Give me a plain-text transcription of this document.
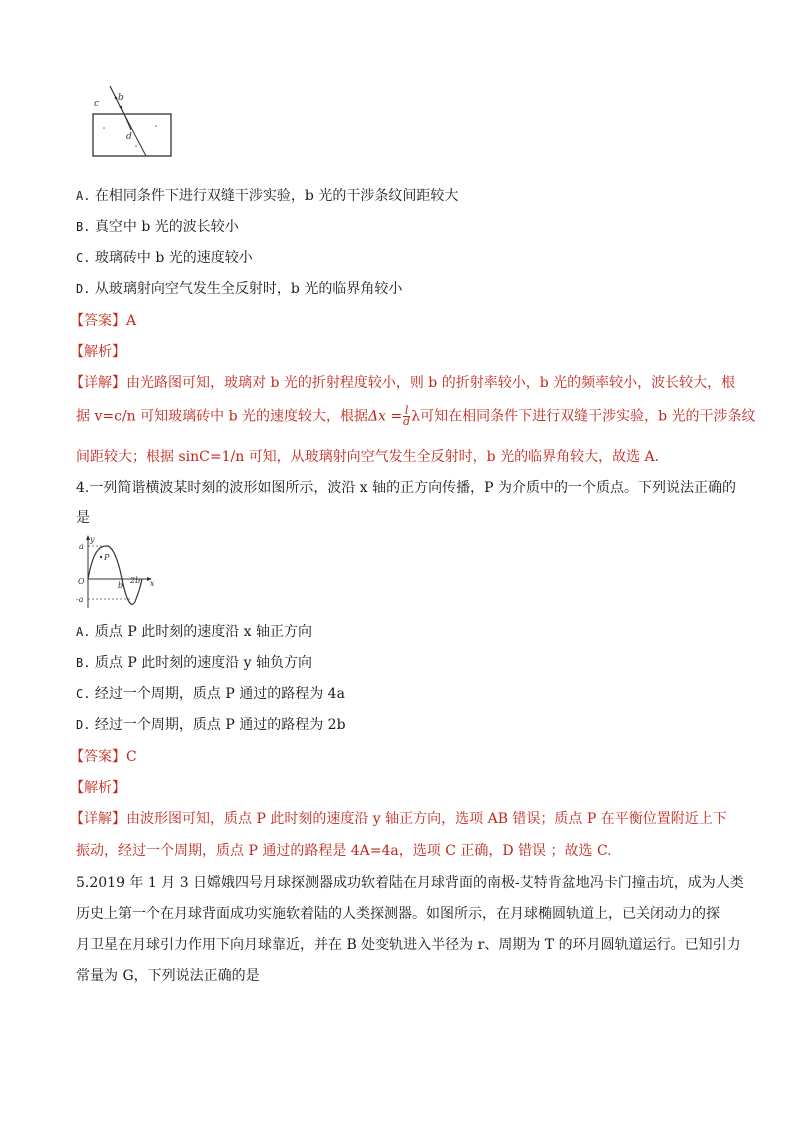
c
b
d
A. 在相同条件下进行双缝干涉实验，b 光的干涉条纹间距较大
B. 真空中 b 光的波长较小
C. 玻璃砖中 b 光的速度较小
D. 从玻璃射向空气发生全反射时，b 光的临界角较小
【答案】A
【解析】
【详解】由光路图可知，玻璃对 b 光的折射程度较小，则 b 的折射率较小，b 光的频率较小，波长较大，根
据 v=c/n 可知玻璃砖中 b 光的速度较大，根据$\Delta x = \frac{l}{d}$ λ可知在相同条件下进行双缝干涉实验，b 光的干涉条纹
间距较大；根据 sinC=1/n 可知，从玻璃射向空气发生全反射时，b 光的临界角较大，故选 A.
4.一列简谐横波某时刻的波形如图所示，波沿 x 轴的正方向传播，P 为介质中的一个质点。下列说法正确的
是
y
a
P
O	b
2b x
-a
A. 质点 P 此时刻的速度沿 x 轴正方向
B. 质点 P 此时刻的速度沿 y 轴负方向
C. 经过一个周期，质点 P 通过的路程为 4a
D. 经过一个周期，质点 P 通过的路程为 2b
【答案】C
【解析】
【详解】由波形图可知，质点 P 此时刻的速度沿 y 轴正方向，选项 AB 错误；质点 P 在平衡位置附近上下
振动，经过一个周期，质点 P 通过的路程是 4A=4a，选项 C 正确，D 错误 ；故选 C.
5.2019 年 1 月 3 日嫦娥四号月球探测器成功软着陆在月球背面的南极-艾特肯盆地冯卡门撞击坑，成为人类
历史上第一个在月球背面成功实施软着陆的人类探测器。如图所示，在月球椭圆轨道上，已关闭动力的探
月卫星在月球引力作用下向月球靠近，并在 B 处变轨进入半径为 r、周期为 T 的环月圆轨道运行。已知引力
常量为 G，下列说法正确的是
